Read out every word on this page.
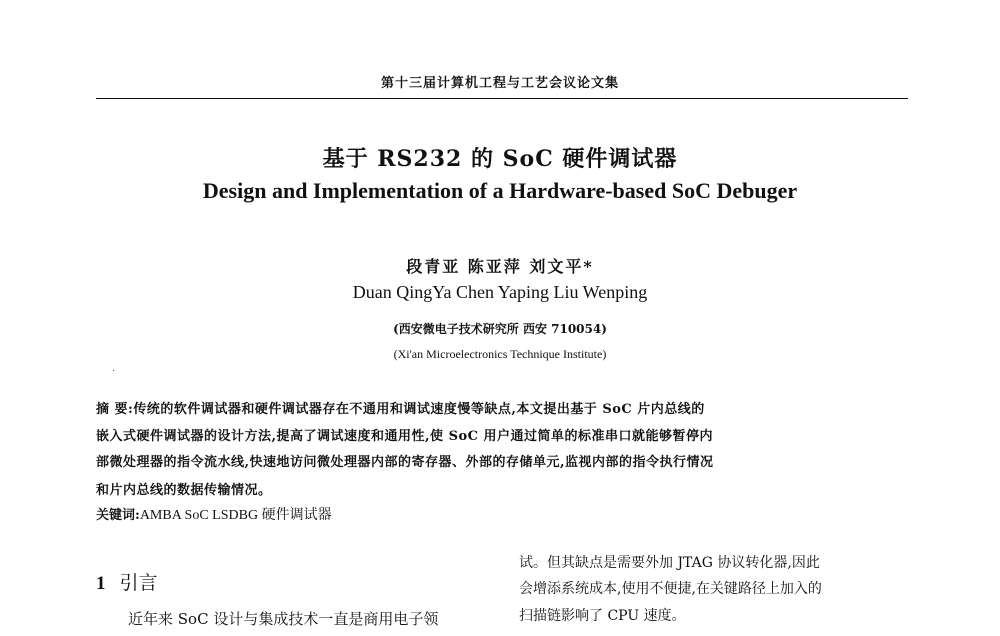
第十三届计算机工程与工艺会议论文集
基于 RS232 的 SoC 硬件调试器
Design and Implementation of a Hardware-based SoC Debuger
段青亚 陈亚萍 刘文平*
Duan QingYa Chen Yaping Liu Wenping
(西安微电子技术研究所 西安 710054)
(Xi'an Microelectronics Technique Institute)
·
摘 要:传统的软件调试器和硬件调试器存在不通用和调试速度慢等缺点,本文提出基于 SoC 片内总线的
嵌入式硬件调试器的设计方法,提高了调试速度和通用性,使 SoC 用户通过简单的标准串口就能够暂停内
部微处理器的指令流水线,快速地访问微处理器内部的寄存器、外部的存储单元,监视内部的指令执行情况
和片内总线的数据传输情况。
关键词:AMBA SoC LSDBG 硬件调试器
1 引言
近年来 SoC 设计与集成技术一直是商用电子领
试。但其缺点是需要外加 JTAG 协议转化器,因此
会增添系统成本,使用不便捷,在关键路径上加入的
扫描链影响了 CPU 速度。
